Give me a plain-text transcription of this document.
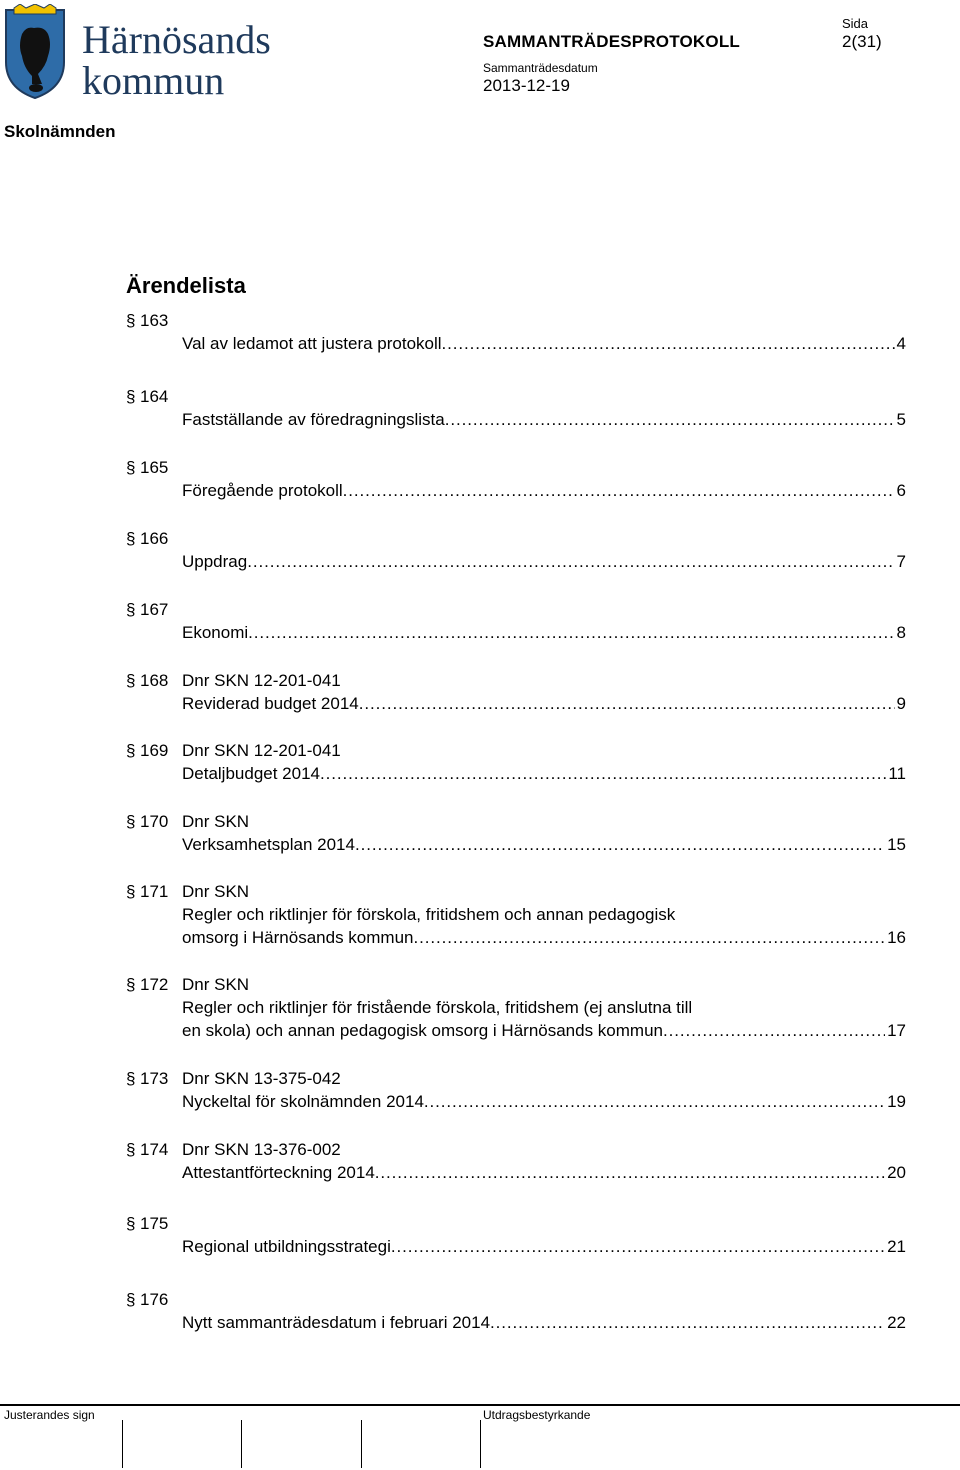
Härnösands
kommun
Sida
2(31)
SAMMANTRÄDESPROTOKOLL
Sammanträdesdatum
2013-12-19
Skolnämnden
Ärendelista
§ 163
Val av ledamot att justera protokoll .....	4
§ 164
Fastställande av föredragningslista .....	5
§ 165
Föregående protokoll .....	6
§ 166
Uppdrag .....	7
§ 167
Ekonomi .....	8
§ 168 Dnr SKN 12-201-041
Reviderad budget 2014 .....	9
§ 169 Dnr SKN 12-201-041
Detaljbudget 2014 .....	11
§ 170 Dnr SKN
Verksamhetsplan 2014 .....	15
§ 171 Dnr SKN
Regler och riktlinjer för förskola, fritidshem och annan pedagogisk
omsorg i Härnösands kommun .....	16
§ 172 Dnr SKN
Regler och riktlinjer för fristående förskola, fritidshem (ej anslutna till
en skola) och annan pedagogisk omsorg i Härnösands kommun .....	17
§ 173 Dnr SKN 13-375-042
Nyckeltal för skolnämnden 2014 .....	19
§ 174 Dnr SKN 13-376-002
Attestantförteckning 2014 .....	20
§ 175
Regional utbildningsstrategi .....	21
§ 176
Nytt sammanträdesdatum i februari 2014 .....	22
Justerandes sign	Utdragsbestyrkande
